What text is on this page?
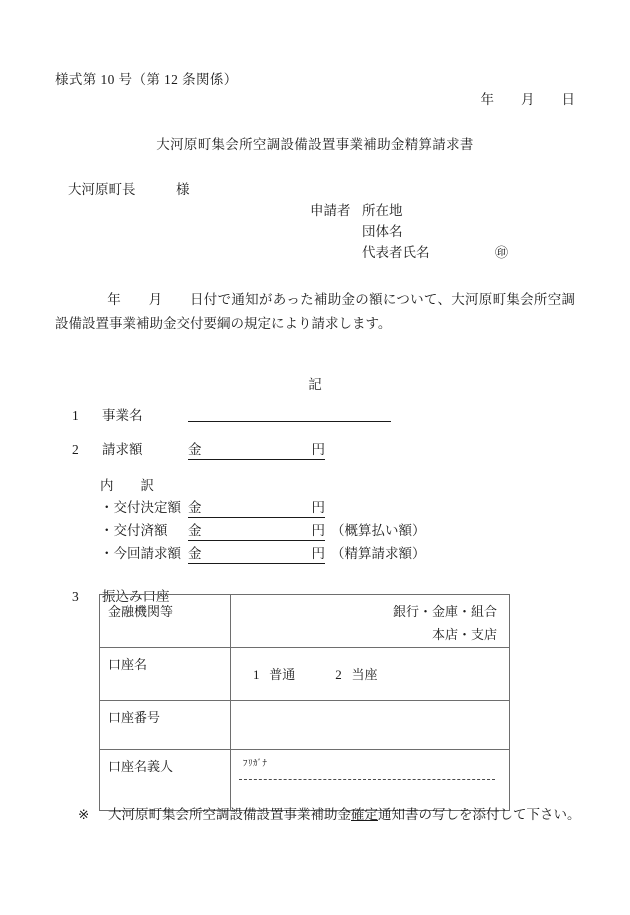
様式第 10 号（第 12 条関係）
年　　月　　日
大河原町集会所空調設備設置事業補助金精算請求書
大河原町長　　　様
申請者 所在地
団体名
代表者氏名	㊞
年　　月　　日付で通知があった補助金の額について、大河原町集会所空調設備設置事業補助金交付要綱の規定により請求します。
記
1 事業名
2 請求額	金	円
内　　訳
・交付決定額 金	円
・交付済額 金	円 （概算払い額）
・今回請求額 金	円 （精算請求額）
3 振込み口座
金融機関等	銀行・金庫・組合
本店・支店

口座名	1 普通 2 当座

口座番号	
口座名義人	ﾌﾘｶﾞﾅ
※ 大河原町集会所空調設備設置事業補助金確定通知書の写しを添付して下さい。
